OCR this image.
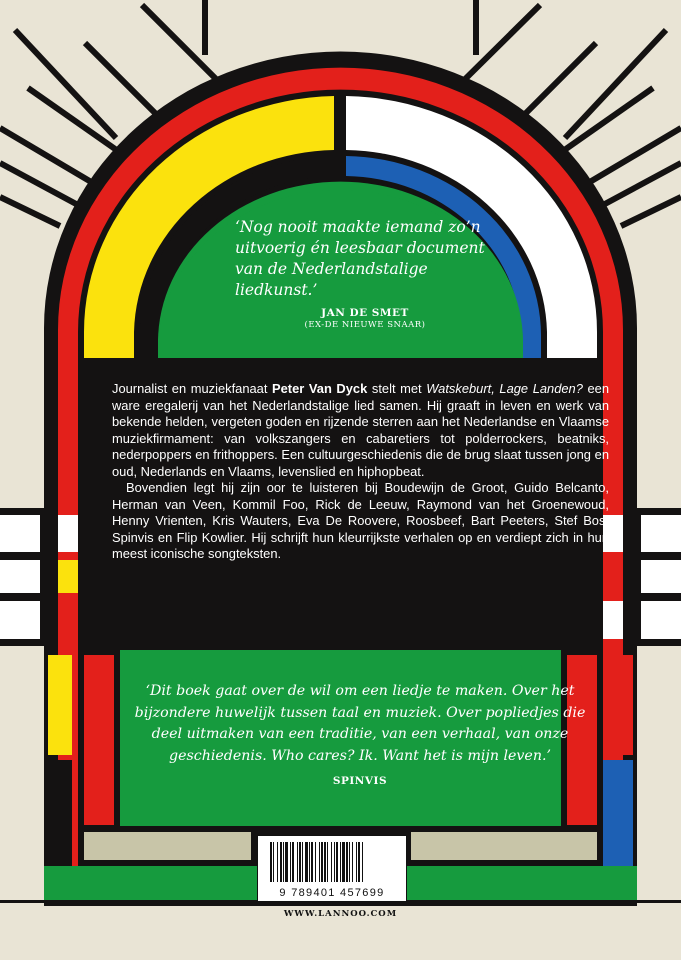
‘Nog nooit maakte iemand zo’n uitvoerig én leesbaar document van de Nederlandstalige liedkunst.’
JAN DE SMET
(EX-DE NIEUWE SNAAR)

Journalist en muziekfanaat Peter Van Dyck stelt met Watskeburt, Lage Landen? een ware eregalerij van het Nederlandstalige lied samen. Hij graaft in leven en werk van bekende helden, vergeten goden en rijzende sterren aan het Nederlandse en Vlaamse muziekfirmament: van volkszangers en cabaretiers tot polderrockers, beatniks, nederpoppers en frithoppers. Een cultuurgeschiedenis die de brug slaat tussen jong en oud, Nederlands en Vlaams, levenslied en hiphopbeat.

Bovendien legt hij zijn oor te luisteren bij Boudewijn de Groot, Guido Belcanto, Herman van Veen, Kommil Foo, Rick de Leeuw, Raymond van het Groenewoud, Henny Vrienten, Kris Wauters, Eva De Roovere, Roosbeef, Bart Peeters, Stef Bos, Spinvis en Flip Kowlier. Hij schrijft hun kleurrijkste verhalen op en verdiept zich in hun meest iconische songteksten.

‘Dit boek gaat over de wil om een liedje te maken. Over het bijzondere huwelijk tussen taal en muziek. Over popliedjes die deel uitmaken van een traditie, van een verhaal, van onze geschiedenis. Who cares? Ik. Want het is mijn leven.’
SPINVIS
9 789401 457699
WWW.LANNOO.COM
